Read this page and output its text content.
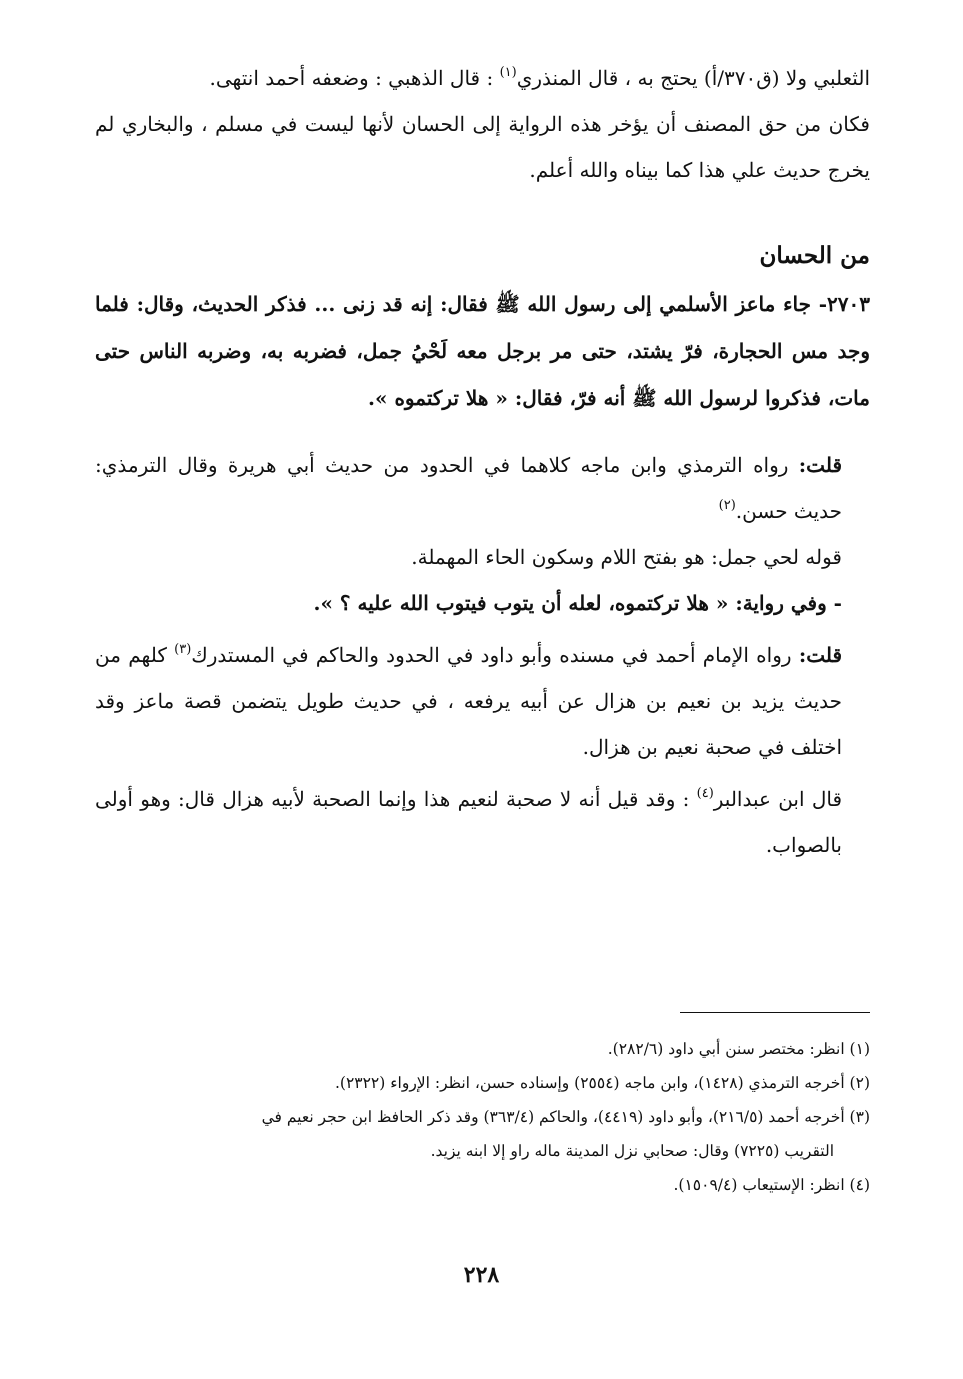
الثعلبي ولا (ق٣٧٠/أ) يحتج به ، قال المنذري$^{(١)}$ : قال الذهبي : وضعفه أحمد انتهى.

فكان من حق المصنف أن يؤخر هذه الرواية إلى الحسان لأنها ليست في مسلم ، والبخاري لم يخرج حديث علي هذا كما بيناه والله أعلم.

من الحسان

٢٧٠٣- جاء ماعز الأسلمي إلى رسول الله ﷺ فقال: إنه قد زنى ... فذكر الحديث، وقال: فلما وجد مس الحجارة، فرّ يشتد، حتى مر برجل معه لَحْيُ جمل، فضربه به، وضربه الناس حتى مات، فذكروا لرسول الله ﷺ أنه فرّ، فقال: « هلا تركتموه ».

قلت: رواه الترمذي وابن ماجه كلاهما في الحدود من حديث أبي هريرة وقال الترمذي: حديث حسن.$^{(٢)}$

قوله لحي جمل: هو بفتح اللام وسكون الحاء المهملة.

- وفي رواية: « هلا تركتموه، لعله أن يتوب فيتوب الله عليه ؟ ».

قلت: رواه الإمام أحمد في مسنده وأبو داود في الحدود والحاكم في المستدرك$^{(٣)}$ كلهم من حديث يزيد بن نعيم بن هزال عن أبيه يرفعه ، في حديث طويل يتضمن قصة ماعز وقد اختلف في صحبة نعيم بن هزال.

قال ابن عبدالبر$^{(٤)}$ : وقد قيل أنه لا صحبة لنعيم هذا وإنما الصحبة لأبيه هزال قال: وهو أولى بالصواب.

(١) انظر: مختصر سنن أبي داود (٢٨٢/٦).

(٢) أخرجه الترمذي (١٤٢٨)، وابن ماجه (٢٥٥٤) وإسناده حسن، انظر: الإرواء (٢٣٢٢).

(٣) أخرجه أحمد (٢١٦/٥)، وأبو داود (٤٤١٩)، والحاكم (٣٦٣/٤) وقد ذكر الحافظ ابن حجر نعيم في

التقريب (٧٢٢٥) وقال: صحابي نزل المدينة ماله راو إلا ابنه يزيد.

(٤) انظر: الإستيعاب (١٥٠٩/٤).

٢٢٨
